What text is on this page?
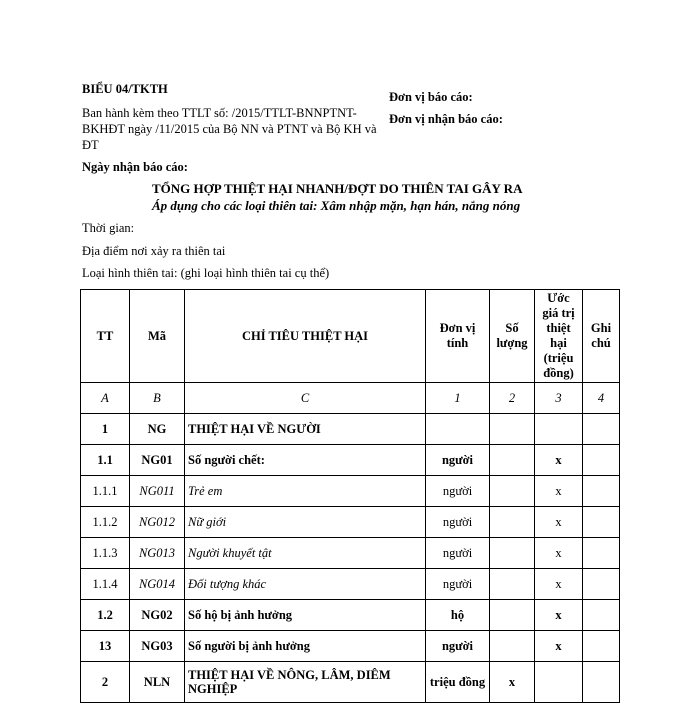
BIỂU 04/TKTH
Ban hành kèm theo TTLT số: /2015/TTLT-BNNPTNT-BKHĐT ngày /11/2015 của Bộ NN và PTNT và Bộ KH và ĐT
Đơn vị báo cáo:
Đơn vị nhận báo cáo:
Ngày nhận báo cáo:
TỔNG HỢP THIỆT HẠI NHANH/ĐỢT DO THIÊN TAI GÂY RA
Áp dụng cho các loại thiên tai: Xâm nhập mặn, hạn hán, nắng nóng
Thời gian:
Địa điểm nơi xảy ra thiên tai
Loại hình thiên tai: (ghi loại hình thiên tai cụ thể)
TT	Mã	CHỈ TIÊU THIỆT HẠI	Đơn vị tính	Số lượng	Ước giá trị thiệt hại (triệu đồng)	Ghi chú
A	B	C	1	2	3	4
1	NG	THIỆT HẠI VỀ NGƯỜI				
1.1	NG01	Số người chết:	người		x	
1.1.1	NG011	Trẻ em	người		x	
1.1.2	NG012	Nữ giới	người		x	
1.1.3	NG013	Người khuyết tật	người		x	
1.1.4	NG014	Đối tượng khác	người		x	
1.2	NG02	Số hộ bị ảnh hưởng	hộ		x	
13	NG03	Số người bị ảnh hưởng	người		x	
2	NLN	THIỆT HẠI VỀ NÔNG, LÂM, DIÊM NGHIỆP	triệu đồng	x		
